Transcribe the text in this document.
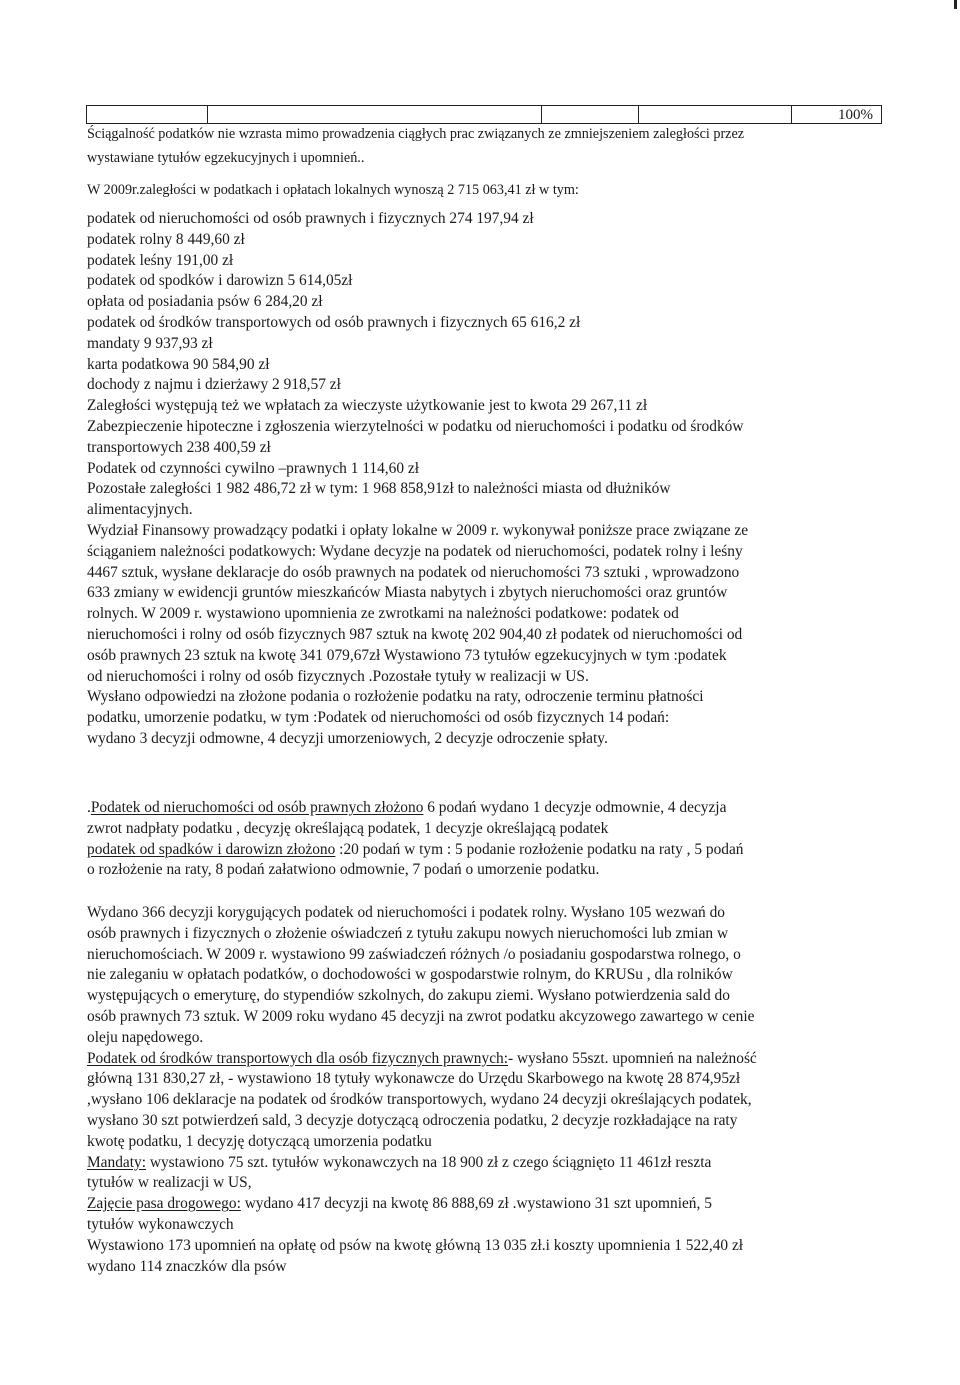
100%
Ściągalność podatków nie wzrasta mimo prowadzenia ciągłych prac związanych ze zmniejszeniem zaległości przez
wystawiane tytułów egzekucyjnych i upomnień..
W 2009r.zaległości w podatkach i opłatach lokalnych wynoszą 2 715 063,41 zł w tym:
podatek od nieruchomości od osób prawnych i fizycznych 274 197,94 zł
podatek rolny 8 449,60 zł
podatek leśny 191,00 zł
podatek od spodków i darowizn 5 614,05zł
opłata od posiadania psów 6 284,20 zł
podatek od środków transportowych od osób prawnych i fizycznych 65 616,2 zł
mandaty 9 937,93 zł
karta podatkowa 90 584,90 zł
dochody z najmu i dzierżawy 2 918,57 zł
Zaległości występują też we wpłatach za wieczyste użytkowanie jest to kwota 29 267,11 zł
Zabezpieczenie hipoteczne i zgłoszenia wierzytelności w podatku od nieruchomości i podatku od środków
transportowych 238 400,59 zł
Podatek od czynności cywilno –prawnych 1 114,60 zł
Pozostałe zaległości 1 982 486,72 zł w tym: 1 968 858,91zł to należności miasta od dłużników
alimentacyjnych.
Wydział Finansowy prowadzący podatki i opłaty lokalne w 2009 r. wykonywał poniższe prace związane ze
ściąganiem należności podatkowych: Wydane decyzje na podatek od nieruchomości, podatek rolny i leśny
4467 sztuk, wysłane deklaracje do osób prawnych na podatek od nieruchomości 73 sztuki , wprowadzono
633 zmiany w ewidencji gruntów mieszkańców Miasta nabytych i zbytych nieruchomości oraz gruntów
rolnych. W 2009 r. wystawiono upomnienia ze zwrotkami na należności podatkowe: podatek od
nieruchomości i rolny od osób fizycznych 987 sztuk na kwotę 202 904,40 zł podatek od nieruchomości od
osób prawnych 23 sztuk na kwotę 341 079,67zł Wystawiono 73 tytułów egzekucyjnych w tym :podatek
od nieruchomości i rolny od osób fizycznych .Pozostałe tytuły w realizacji w US.
Wysłano odpowiedzi na złożone podania o rozłożenie podatku na raty, odroczenie terminu płatności
podatku, umorzenie podatku, w tym :Podatek od nieruchomości od osób fizycznych 14 podań:
wydano 3 decyzji odmowne, 4 decyzji umorzeniowych, 2 decyzje odroczenie spłaty.
.Podatek od nieruchomości od osób prawnych złożono 6 podań wydano 1 decyzje odmownie, 4 decyzja
zwrot nadpłaty podatku , decyzję określającą podatek, 1 decyzje określającą podatek
podatek od spadków i darowizn złożono :20 podań w tym : 5 podanie rozłożenie podatku na raty , 5 podań
o rozłożenie na raty, 8 podań załatwiono odmownie, 7 podań o umorzenie podatku.
Wydano 366 decyzji korygujących podatek od nieruchomości i podatek rolny. Wysłano 105 wezwań do
osób prawnych i fizycznych o złożenie oświadczeń z tytułu zakupu nowych nieruchomości lub zmian w
nieruchomościach. W 2009 r. wystawiono 99 zaświadczeń różnych /o posiadaniu gospodarstwa rolnego, o
nie zaleganiu w opłatach podatków, o dochodowości w gospodarstwie rolnym, do KRUSu , dla rolników
występujących o emeryturę, do stypendiów szkolnych, do zakupu ziemi. Wysłano potwierdzenia sald do
osób prawnych 73 sztuk. W 2009 roku wydano 45 decyzji na zwrot podatku akcyzowego zawartego w cenie
oleju napędowego.
Podatek od środków transportowych dla osób fizycznych prawnych:- wysłano 55szt. upomnień na należność
główną 131 830,27 zł, - wystawiono 18 tytuły wykonawcze do Urzędu Skarbowego na kwotę 28 874,95zł
,wysłano 106 deklaracje na podatek od środków transportowych, wydano 24 decyzji określających podatek,
wysłano 30 szt potwierdzeń sald, 3 decyzje dotyczącą odroczenia podatku, 2 decyzje rozkładające na raty
kwotę podatku, 1 decyzję dotyczącą umorzenia podatku
Mandaty: wystawiono 75 szt. tytułów wykonawczych na 18 900 zł z czego ściągnięto 11 461zł reszta
tytułów w realizacji w US,
Zajęcie pasa drogowego: wydano 417 decyzji na kwotę 86 888,69 zł .wystawiono 31 szt upomnień, 5
tytułów wykonawczych
Wystawiono 173 upomnień na opłatę od psów na kwotę główną 13 035 zł.i koszty upomnienia 1 522,40 zł
wydano 114 znaczków dla psów
